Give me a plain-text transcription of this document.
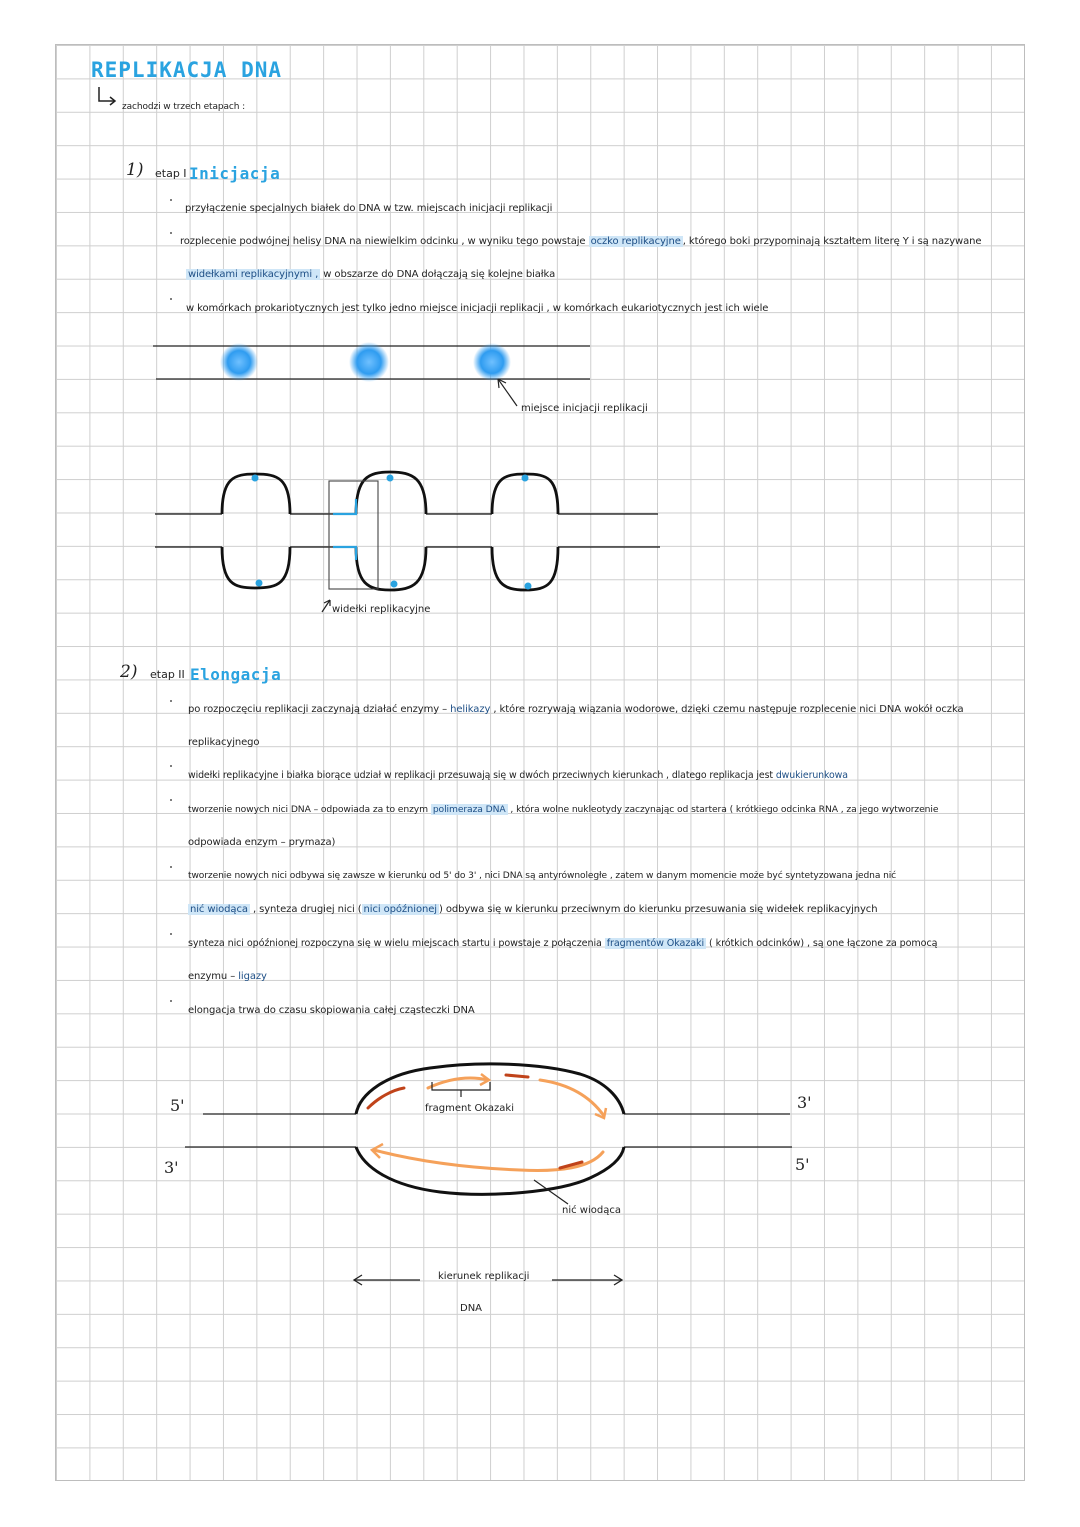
REPLIKACJA DNA
zachodzi w trzech etapach :
1) etap I Inicjacja
przyłączenie specjalnych białek do DNA w tzw. miejscach inicjacji replikacji
rozplecenie podwójnej helisy DNA na niewielkim odcinku , w wyniku tego powstaje oczko replikacyjne , którego boki przypominają kształtem literę Y i są nazywane
widełkami replikacyjnymi , w obszarze do DNA dołączają się kolejne białka
w komórkach prokariotycznych jest tylko jedno miejsce inicjacji replikacji , w komórkach eukariotycznych jest ich wiele
miejsce inicjacji replikacji
widełki replikacyjne
2) etap II Elongacja
po rozpoczęciu replikacji zaczynają działać enzymy – helikazy , które rozrywają wiązania wodorowe, dzięki czemu następuje rozplecenie nici DNA wokół oczka
replikacyjnego
widełki replikacyjne i białka biorące udział w replikacji przesuwają się w dwóch przeciwnych kierunkach , dlatego replikacja jest dwukierunkowa
tworzenie nowych nici DNA – odpowiada za to enzym polimeraza DNA , która wolne nukleotydy zaczynając od startera ( krótkiego odcinka RNA , za jego wytworzenie
odpowiada enzym – prymaza)
tworzenie nowych nici odbywa się zawsze w kierunku od 5' do 3' , nici DNA są antyrównoległe , zatem w danym momencie może być syntetyzowana jedna nić
nić wiodąca , synteza drugiej nici ( nici opóźnionej ) odbywa się w kierunku przeciwnym do kierunku przesuwania się widełek replikacyjnych
synteza nici opóźnionej rozpoczyna się w wielu miejscach startu i powstaje z połączenia fragmentów Okazaki ( krótkich odcinków) , są one łączone za pomocą
enzymu – ligazy
elongacja trwa do czasu skopiowania całej cząsteczki DNA
5'
3'
3'
5'
fragment Okazaki
nić wiodąca
kierunek replikacji
DNA
